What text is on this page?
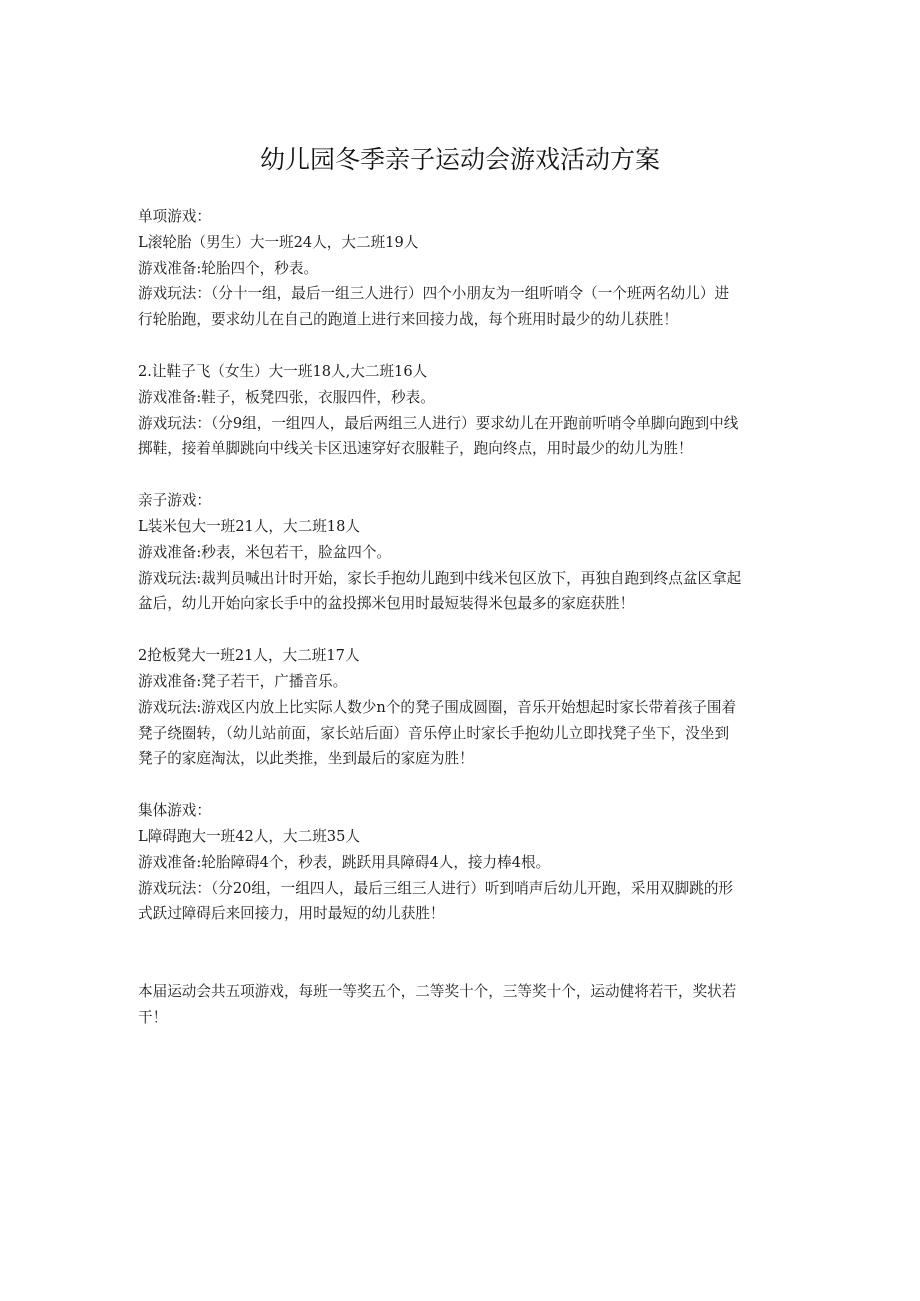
幼儿园冬季亲子运动会游戏活动方案
单项游戏：
L滚轮胎（男生）大一班24人，大二班19人
游戏准备:轮胎四个，秒表。
游戏玩法：（分十一组，最后一组三人进行）四个小朋友为一组听哨令（一个班两名幼儿）进
行轮胎跑，要求幼儿在自己的跑道上进行来回接力战，每个班用时最少的幼儿获胜！
2.让鞋子飞（女生）大一班18人,大二班16人
游戏准备:鞋子，板凳四张，衣服四件，秒表。
游戏玩法：（分9组，一组四人，最后两组三人进行）要求幼儿在开跑前听哨令单脚向跑到中线
掷鞋，接着单脚跳向中线关卡区迅速穿好衣服鞋子，跑向终点，用时最少的幼儿为胜！
亲子游戏：
L装米包大一班21人，大二班18人
游戏准备:秒表，米包若干，脸盆四个。
游戏玩法:裁判员喊出计时开始，家长手抱幼儿跑到中线米包区放下，再独自跑到终点盆区拿起
盆后，幼儿开始向家长手中的盆投掷米包用时最短装得米包最多的家庭获胜！
2抢板凳大一班21人，大二班17人
游戏准备:凳子若干，广播音乐。
游戏玩法:游戏区内放上比实际人数少n个的凳子围成圆圈，音乐开始想起时家长带着孩子围着
凳子绕圈转，（幼儿站前面，家长站后面）音乐停止时家长手抱幼儿立即找凳子坐下，没坐到
凳子的家庭淘汰，以此类推，坐到最后的家庭为胜！
集体游戏：
L障碍跑大一班42人，大二班35人
游戏准备:轮胎障碍4个，秒表，跳跃用具障碍4人，接力棒4根。
游戏玩法：（分20组，一组四人，最后三组三人进行）听到哨声后幼儿开跑，采用双脚跳的形
式跃过障碍后来回接力，用时最短的幼儿获胜！
本届运动会共五项游戏，每班一等奖五个，二等奖十个，三等奖十个，运动健将若干，奖状若
干！
